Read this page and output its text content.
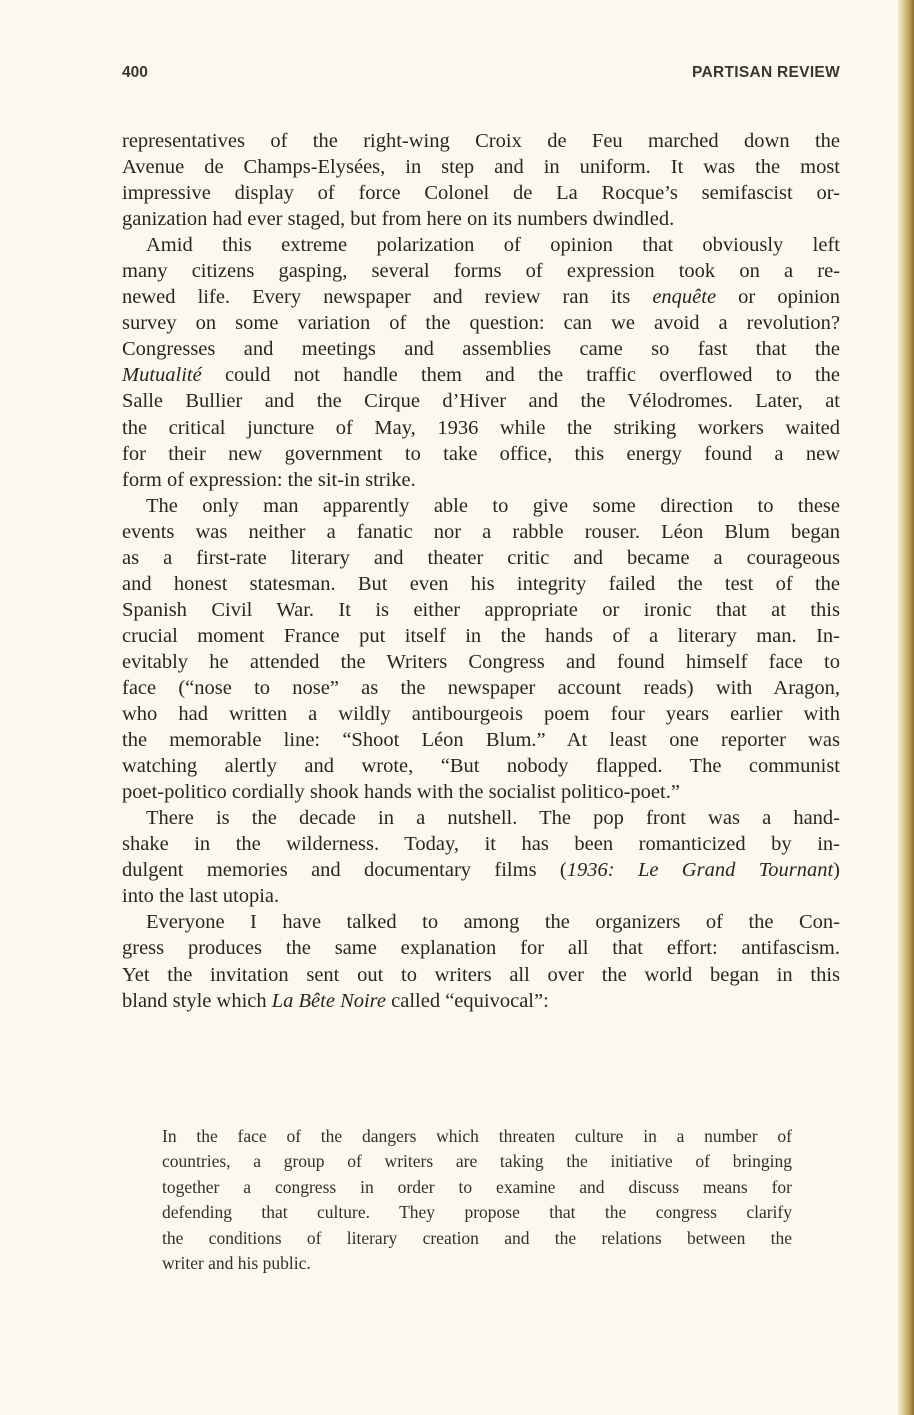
400	PARTISAN REVIEW
representatives of the right-wing Croix de Feu marched down the
Avenue de Champs-Elysées, in step and in uniform. It was the most
impressive display of force Colonel de La Rocque’s semifascist or-
ganization had ever staged, but from here on its numbers dwindled.
Amid this extreme polarization of opinion that obviously left
many citizens gasping, several forms of expression took on a re-
newed life. Every newspaper and review ran its enquête or opinion
survey on some variation of the question: can we avoid a revolution?
Congresses and meetings and assemblies came so fast that the
Mutualité could not handle them and the traffic overflowed to the
Salle Bullier and the Cirque d’Hiver and the Vélodromes. Later, at
the critical juncture of May, 1936 while the striking workers waited
for their new government to take office, this energy found a new
form of expression: the sit-in strike.
The only man apparently able to give some direction to these
events was neither a fanatic nor a rabble rouser. Léon Blum began
as a first-rate literary and theater critic and became a courageous
and honest statesman. But even his integrity failed the test of the
Spanish Civil War. It is either appropriate or ironic that at this
crucial moment France put itself in the hands of a literary man. In-
evitably he attended the Writers Congress and found himself face to
face (“nose to nose” as the newspaper account reads) with Aragon,
who had written a wildly antibourgeois poem four years earlier with
the memorable line: “Shoot Léon Blum.” At least one reporter was
watching alertly and wrote, “But nobody flapped. The communist
poet-politico cordially shook hands with the socialist politico-poet.”
There is the decade in a nutshell. The pop front was a hand-
shake in the wilderness. Today, it has been romanticized by in-
dulgent memories and documentary films (1936: Le Grand Tournant)
into the last utopia.
Everyone I have talked to among the organizers of the Con-
gress produces the same explanation for all that effort: antifascism.
Yet the invitation sent out to writers all over the world began in this
bland style which La Bête Noire called “equivocal”:
In the face of the dangers which threaten culture in a number of
countries, a group of writers are taking the initiative of bringing
together a congress in order to examine and discuss means for
defending that culture. They propose that the congress clarify
the conditions of literary creation and the relations between the
writer and his public.
